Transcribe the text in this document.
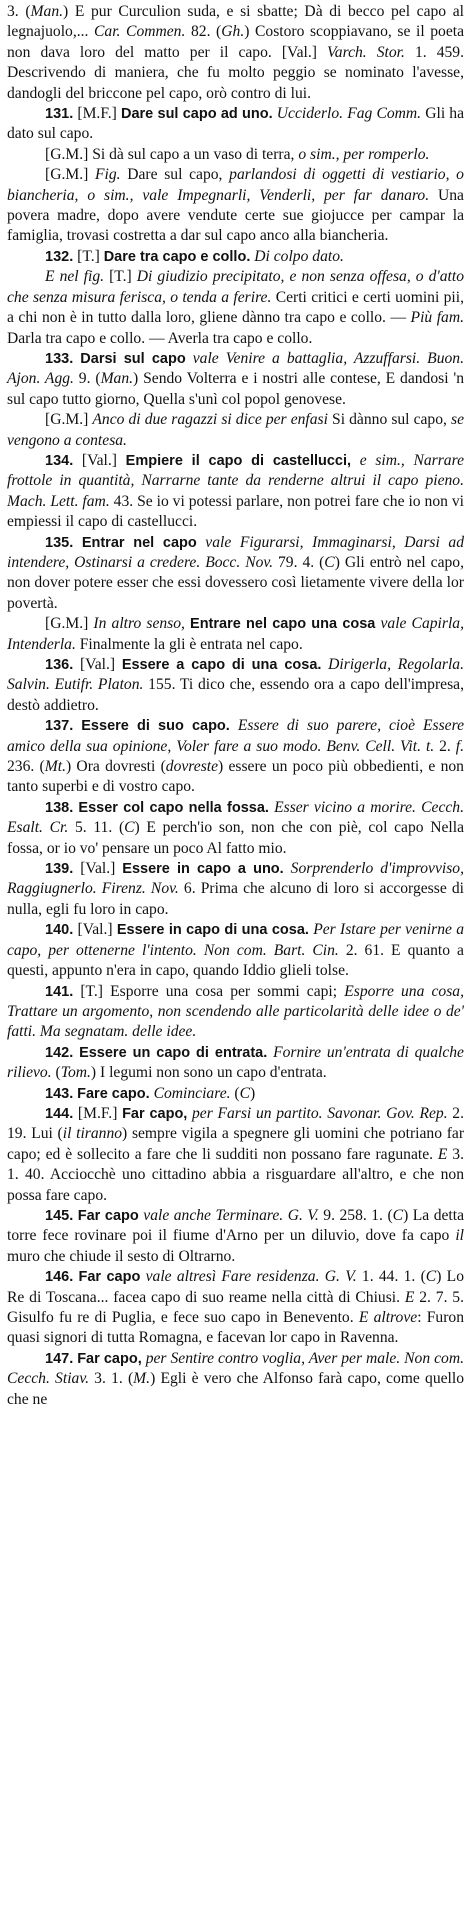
3. (Man.) E pur Curculion suda, e si sbatte; Dà di becco pel capo al legnajuolo,... Car. Commen. 82. (Gh.) Costoro scoppiavano, se il poeta non dava loro del matto per il capo. [Val.] Varch. Stor. 1. 459. Descrivendo di maniera, che fu molto peggio se nominato l'avesse, dandogli del briccone pel capo, orò contro di lui.

131. [M.F.] Dare sul capo ad uno. Ucciderlo. Fag Comm. Gli ha dato sul capo.

[G.M.] Si dà sul capo a un vaso di terra, o sim., per romperlo.

[G.M.] Fig. Dare sul capo, parlandosi di oggetti di vestiario, o biancheria, o sim., vale Impegnarli, Venderli, per far danaro. Una povera madre, dopo avere vendute certe sue giojucce per campar la famiglia, trovasi costretta a dar sul capo anco alla biancheria.

132. [T.] Dare tra capo e collo. Di colpo dato.

E nel fig. [T.] Di giudizio precipitato, e non senza offesa, o d'atto che senza misura ferisca, o tenda a ferire. Certi critici e certi uomini pii, a chi non è in tutto dalla loro, gliene dànno tra capo e collo. — Più fam. Darla tra capo e collo. — Averla tra capo e collo.

133. Darsi sul capo vale Venire a battaglia, Azzuffarsi. Buon. Ajon. Agg. 9. (Man.) Sendo Volterra e i nostri alle contese, E dandosi 'n sul capo tutto giorno, Quella s'unì col popol genovese.

[G.M.] Anco di due ragazzi si dice per enfasi Si dànno sul capo, se vengono a contesa.

134. [Val.] Empiere il capo di castellucci, e sim., Narrare frottole in quantità, Narrarne tante da renderne altrui il capo pieno. Mach. Lett. fam. 43. Se io vi potessi parlare, non potrei fare che io non vi empiessi il capo di castellucci.

135. Entrar nel capo vale Figurarsi, Immaginarsi, Darsi ad intendere, Ostinarsi a credere. Bocc. Nov. 79. 4. (C) Gli entrò nel capo, non dover potere esser che essi dovessero così lietamente vivere della lor povertà.

[G.M.] In altro senso, Entrare nel capo una cosa vale Capirla, Intenderla. Finalmente la gli è entrata nel capo.

136. [Val.] Essere a capo di una cosa. Dirigerla, Regolarla. Salvin. Eutifr. Platon. 155. Ti dico che, essendo ora a capo dell'impresa, destò addietro.

137. Essere di suo capo. Essere di suo parere, cioè Essere amico della sua opinione, Voler fare a suo modo. Benv. Cell. Vit. t. 2. f. 236. (Mt.) Ora dovresti (dovreste) essere un poco più obbedienti, e non tanto superbi e di vostro capo.

138. Esser col capo nella fossa. Esser vicino a morire. Cecch. Esalt. Cr. 5. 11. (C) E perch'io son, non che con piè, col capo Nella fossa, or io vo' pensare un poco Al fatto mio.

139. [Val.] Essere in capo a uno. Sorprenderlo d'improvviso, Raggiugnerlo. Firenz. Nov. 6. Prima che alcuno di loro si accorgesse di nulla, egli fu loro in capo.

140. [Val.] Essere in capo di una cosa. Per Istare per venirne a capo, per ottenerne l'intento. Non com. Bart. Cin. 2. 61. E quanto a questi, appunto n'era in capo, quando Iddio glieli tolse.

141. [T.] Esporre una cosa per sommi capi; Esporre una cosa, Trattare un argomento, non scendendo alle particolarità delle idee o de' fatti. Ma segnatam. delle idee.

142. Essere un capo di entrata. Fornire un'entrata di qualche rilievo. (Tom.) I legumi non sono un capo d'entrata.

143. Fare capo. Cominciare. (C)

144. [M.F.] Far capo, per Farsi un partito. Savonar. Gov. Rep. 2. 19. Lui (il tiranno) sempre vigila a spegnere gli uomini che potriano far capo; ed è sollecito a fare che li sudditi non possano fare ragunate. E 3. 1. 40. Acciocchè uno cittadino abbia a risguardare all'altro, e che non possa fare capo.

145. Far capo vale anche Terminare. G. V. 9. 258. 1. (C) La detta torre fece rovinare poi il fiume d'Arno per un diluvio, dove fa capo il muro che chiude il sesto di Oltrarno.

146. Far capo vale altresì Fare residenza. G. V. 1. 44. 1. (C) Lo Re di Toscana... facea capo di suo reame nella città di Chiusi. E 2. 7. 5. Gisulfo fu re di Puglia, e fece suo capo in Benevento. E altrove: Furon quasi signori di tutta Romagna, e facevan lor capo in Ravenna.

147. Far capo, per Sentire contro voglia, Aver per male. Non com. Cecch. Stiav. 3. 1. (M.) Egli è vero che Alfonso farà capo, come quello che ne
